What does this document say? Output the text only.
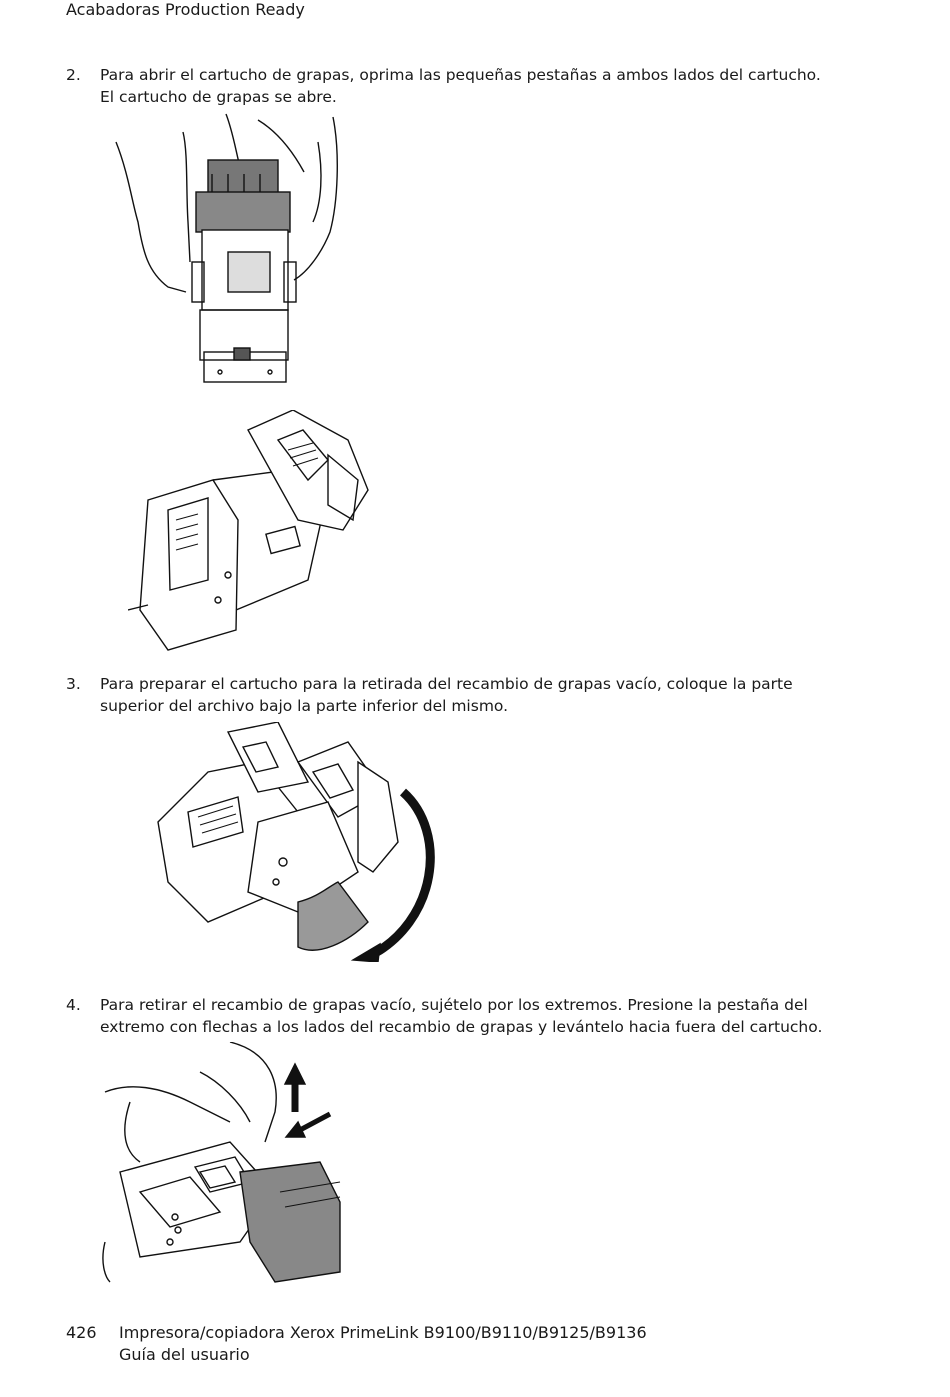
Acabadoras Production Ready
2. Para abrir el cartucho de grapas, oprima las pequeñas pestañas a ambos lados del cartucho.
El cartucho de grapas se abre.
3. Para preparar el cartucho para la retirada del recambio de grapas vacío, coloque la parte
superior del archivo bajo la parte inferior del mismo.
4. Para retirar el recambio de grapas vacío, sujételo por los extremos. Presione la pestaña del
extremo con flechas a los lados del recambio de grapas y levántelo hacia fuera del cartucho.
426 Impresora/copiadora Xerox PrimeLink B9100/B9110/B9125/B9136
Guía del usuario
